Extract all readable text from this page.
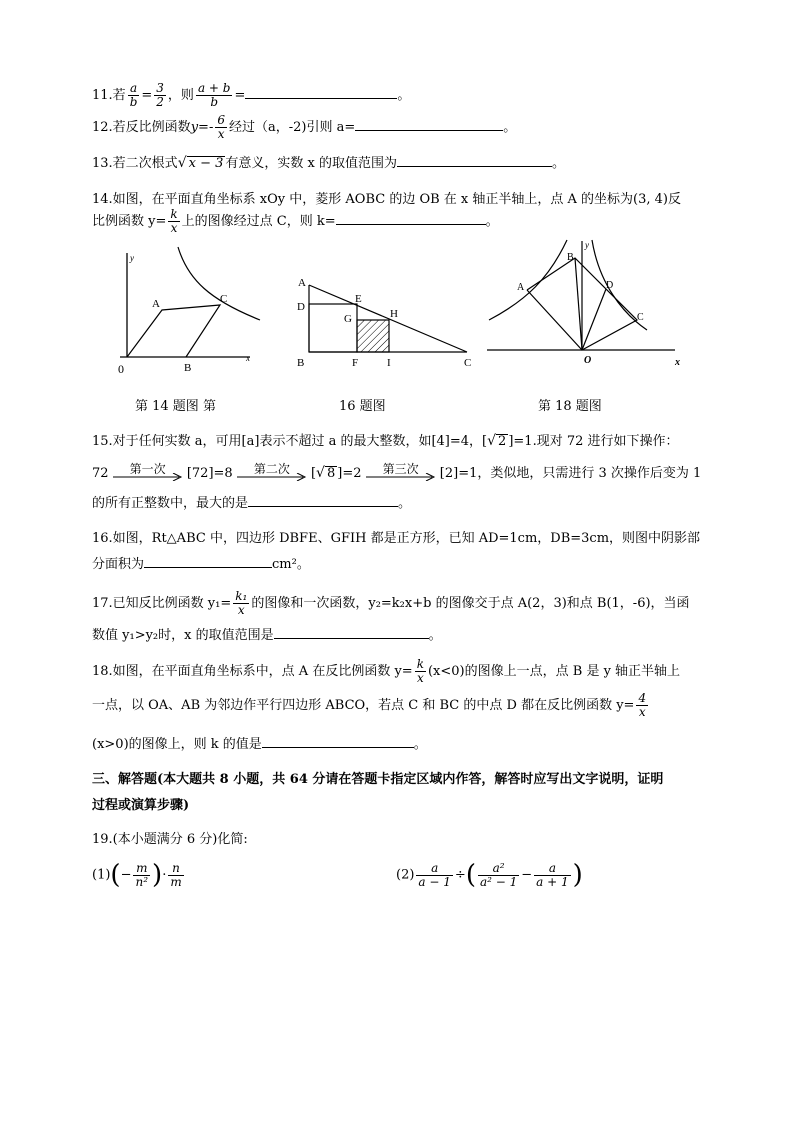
11.若 $\frac{a}{b} = \frac{3}{2}$ ，则 $\frac{a + b}{b}$ =	。
12.若反比例函数$y=- \frac{6}{x}$ 经过（a，-2)引则 a=	。
13.若二次根式√ x − 3 有意义，实数 x 的取值范围为	。
14.如图，在平面直角坐标系 xOy 中，菱形 AOBC 的边 OB 在 x 轴正半轴上，点 A 的坐标为(3, 4)反
比例函数 $y= \frac{k}{x}$ 上的图像经过点 C，则 k=	。
y
x
0
A	C
B
A
D
E
G	H
B	F	I	C
y
x
O
A
B
C
D
第 14 题图 第	16 题图	第 18 题图
15.对于任何实数 a，可用[a]表示不超过 a 的最大整数，如[4]=4，[√ 2 ]=1.现对 72 进行如下操作：
72	第一次	[72]=8	第二次	[√ 8 ]=2	第三次	[2]=1，类似地，只需进行 3 次操作后变为 1
的所有正整数中，最大的是	。
16.如图，Rt△ABC 中，四边形 DBFE、GFIH 都是正方形，已知 AD=1cm，DB=3cm，则图中阴影部
分面积为	cm²。
17.已知反比例函数 $y_1= \frac{\text{k₁}}{x}$ 的图像和一次函数，y₂=k₂x+b 的图像交于点 A(2，3)和点 B(1，-6)，当函
数值 y₁>y₂时，x 的取值范围是	。
18.如图，在平面直角坐标系中，点 A 在反比例函数 $y= \frac{k}{x} (x<0)$的图像上一点，点 B 是 y 轴正半轴上
一点，以 OA、AB 为邻边作平行四边形 ABCO，若点 C 和 BC 的中点 D 都在反比例函数 $y= \frac{4}{x}$
(x>0)的图像上，则 k 的值是	。
三、解答题(本大题共 8 小题，共 64 分请在答题卡指定区域内作答，解答时应写出文字说明，证明
过程或演算步骤)
19.(本小题满分 6 分)化简:
$(1)(- \frac{m}{\text{n²}}$ )· $\frac{n}{m}$	$(2) \frac{a}{a - 1}$ ÷( $\frac{\text{a²}}{\text{a² − 1}} - \frac{a}{a + 1}$ )
